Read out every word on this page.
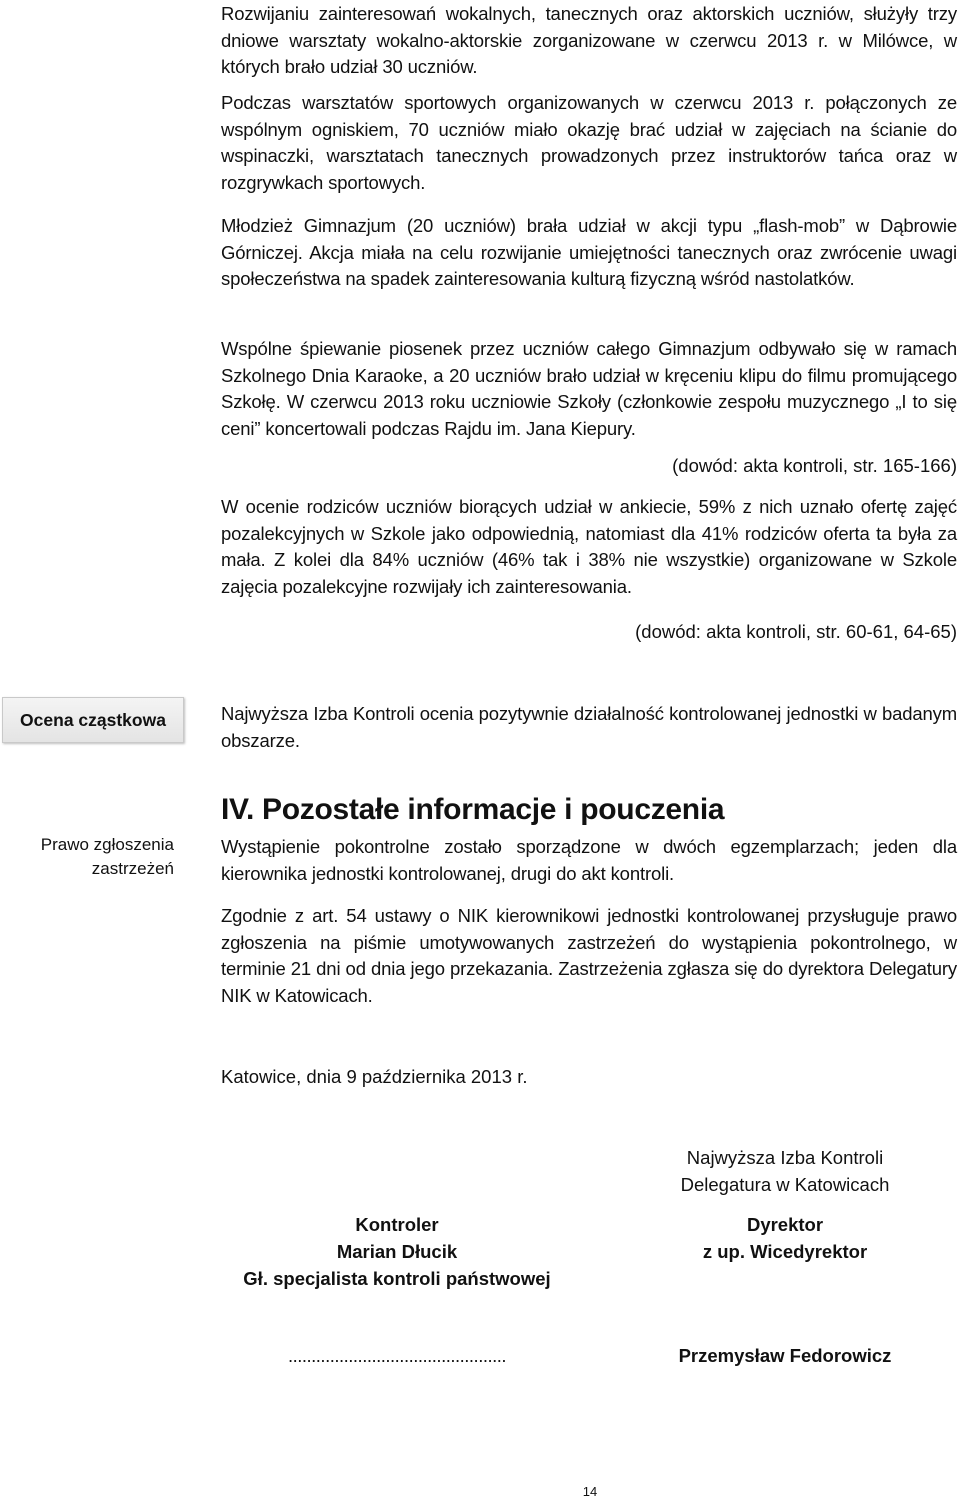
Rozwijaniu zainteresowań wokalnych, tanecznych oraz aktorskich uczniów, służyły trzy dniowe warsztaty wokalno-aktorskie zorganizowane w czerwcu 2013 r. w Milówce, w których brało udział 30 uczniów.

Podczas warsztatów sportowych organizowanych w czerwcu 2013 r. połączonych ze wspólnym ogniskiem, 70 uczniów miało okazję brać udział w zajęciach na ścianie do wspinaczki, warsztatach tanecznych prowadzonych przez instruktorów tańca oraz w rozgrywkach sportowych.

Młodzież Gimnazjum (20 uczniów) brała udział w akcji typu „flash-mob” w Dąbrowie Górniczej. Akcja miała na celu rozwijanie umiejętności tanecznych oraz zwrócenie uwagi społeczeństwa na spadek zainteresowania kulturą fizyczną wśród nastolatków.

Wspólne śpiewanie piosenek przez uczniów całego Gimnazjum odbywało się w ramach Szkolnego Dnia Karaoke, a 20 uczniów brało udział w kręceniu klipu do filmu promującego Szkołę. W czerwcu 2013 roku uczniowie Szkoły (członkowie zespołu muzycznego „I to się ceni” koncertowali podczas Rajdu im. Jana Kiepury.

(dowód: akta kontroli, str. 165-166)

W ocenie rodziców uczniów biorących udział w ankiecie, 59% z nich uznało ofertę zajęć pozalekcyjnych w Szkole jako odpowiednią, natomiast dla 41% rodziców oferta ta była za mała. Z kolei dla 84% uczniów (46% tak i 38% nie wszystkie) organizowane w Szkole zajęcia pozalekcyjne rozwijały ich zainteresowania.

(dowód: akta kontroli, str. 60-61, 64-65)

Ocena cząstkowa	Najwyższa Izba Kontroli ocenia pozytywnie działalność kontrolowanej jednostki w badanym obszarze.

IV. Pozostałe informacje i pouczenia
Prawo zgłoszenia zastrzeżeń

Wystąpienie pokontrolne zostało sporządzone w dwóch egzemplarzach; jeden dla kierownika jednostki kontrolowanej, drugi do akt kontroli.

Zgodnie z art. 54 ustawy o NIK kierownikowi jednostki kontrolowanej przysługuje prawo zgłoszenia na piśmie umotywowanych zastrzeżeń do wystąpienia pokontrolnego, w terminie 21 dni od dnia jego przekazania. Zastrzeżenia zgłasza się do dyrektora Delegatury NIK w Katowicach.

Katowice, dnia 9 października 2013 r.
Najwyższa Izba Kontroli
Delegatura w Katowicach
Kontroler
Marian Dłucik
Gł. specjalista kontroli państwowej
Dyrektor
z up. Wicedyrektor
...............................................	Przemysław Fedorowicz
14
